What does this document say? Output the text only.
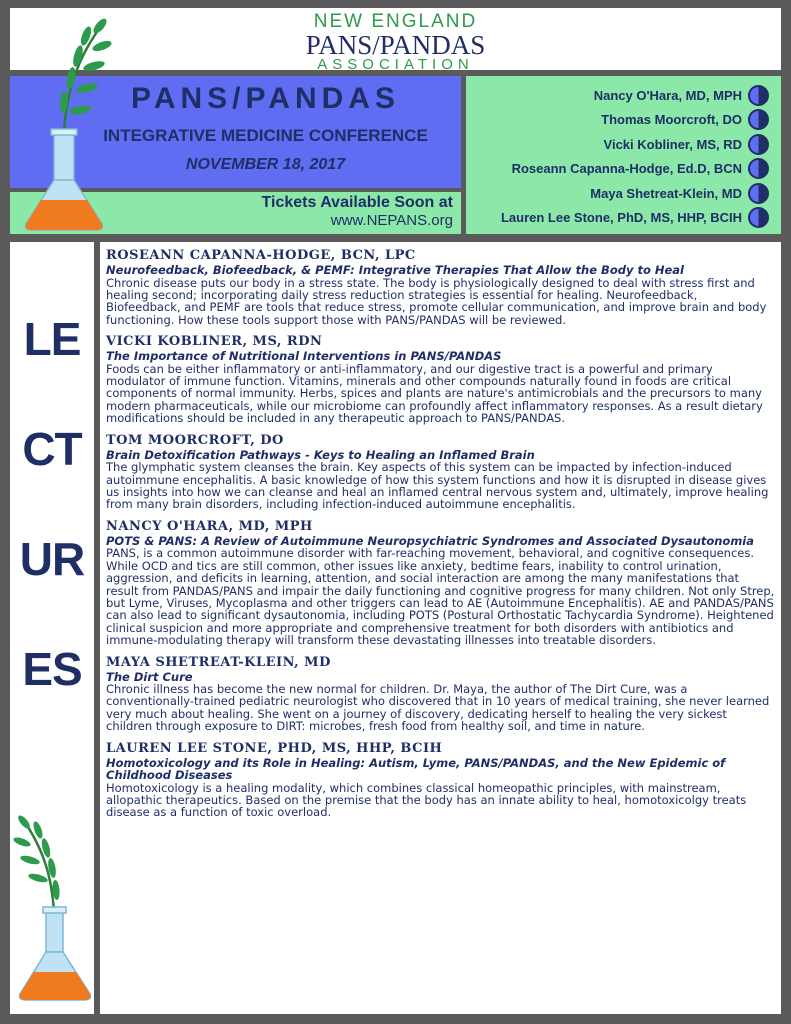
NEW ENGLAND
PANS/PANDAS
ASSOCIATION
PANS/PANDAS
INTEGRATIVE MEDICINE CONFERENCE
NOVEMBER 18, 2017
Tickets Available Soon at
www.NEPANS.org
Nancy O'Hara, MD, MPH
Thomas Moorcroft, DO
Vicki Kobliner, MS, RD
Roseann Capanna-Hodge, Ed.D, BCN
Maya Shetreat-Klein, MD
Lauren Lee Stone, PhD, MS, HHP, BCIH
LE
CT
UR
ES
ROSEANN CAPANNA-HODGE, BCN, LPC
Neurofeedback, Biofeedback, & PEMF: Integrative Therapies That Allow the Body to Heal
Chronic disease puts our body in a stress state. The body is physiologically designed to deal with stress first and healing second; incorporating daily stress reduction strategies is essential for healing. Neurofeedback, Biofeedback, and PEMF are tools that reduce stress, promote cellular communication, and improve brain and body functioning. How these tools support those with PANS/PANDAS will be reviewed.
VICKI KOBLINER, MS, RDN
The Importance of Nutritional Interventions in PANS/PANDAS
Foods can be either inflammatory or anti-inflammatory, and our digestive tract is a powerful and primary modulator of immune function. Vitamins, minerals and other compounds naturally found in foods are critical components of normal immunity. Herbs, spices and plants are nature's antimicrobials and the precursors to many modern pharmaceuticals, while our microbiome can profoundly affect inflammatory responses. As a result dietary modifications should be included in any therapeutic approach to PANS/PANDAS.
TOM MOORCROFT, DO
Brain Detoxification Pathways - Keys to Healing an Inflamed Brain
The glymphatic system cleanses the brain. Key aspects of this system can be impacted by infection-induced autoimmune encephalitis. A basic knowledge of how this system functions and how it is disrupted in disease gives us insights into how we can cleanse and heal an inflamed central nervous system and, ultimately, improve healing from many brain disorders, including infection-induced autoimmune encephalitis.
NANCY O'HARA, MD, MPH
POTS & PANS: A Review of Autoimmune Neuropsychiatric Syndromes and Associated Dysautonomia
PANS, is a common autoimmune disorder with far-reaching movement, behavioral, and cognitive consequences. While OCD and tics are still common, other issues like anxiety, bedtime fears, inability to control urination, aggression, and deficits in learning, attention, and social interaction are among the many manifestations that result from PANDAS/PANS and impair the daily functioning and cognitive progress for many children. Not only Strep, but Lyme, Viruses, Mycoplasma and other triggers can lead to AE (Autoimmune Encephalitis). AE and PANDAS/PANS can also lead to significant dysautonomia, including POTS (Postural Orthostatic Tachycardia Syndrome). Heightened clinical suspicion and more appropriate and comprehensive treatment for both disorders with antibiotics and immune-modulating therapy will transform these devastating illnesses into treatable disorders.
MAYA SHETREAT-KLEIN, MD
The Dirt Cure
Chronic illness has become the new normal for children. Dr. Maya, the author of The Dirt Cure, was a conventionally-trained pediatric neurologist who discovered that in 10 years of medical training, she never learned very much about healing. She went on a journey of discovery, dedicating herself to healing the very sickest children through exposure to DIRT: microbes, fresh food from healthy soil, and time in nature.
LAUREN LEE STONE, PHD, MS, HHP, BCIH
Homotoxicology and its Role in Healing: Autism, Lyme, PANS/PANDAS, and the New Epidemic of Childhood Diseases
Homotoxicology is a healing modality, which combines classical homeopathic principles, with mainstream, allopathic therapeutics. Based on the premise that the body has an innate ability to heal, homotoxicolgy treats disease as a function of toxic overload.
